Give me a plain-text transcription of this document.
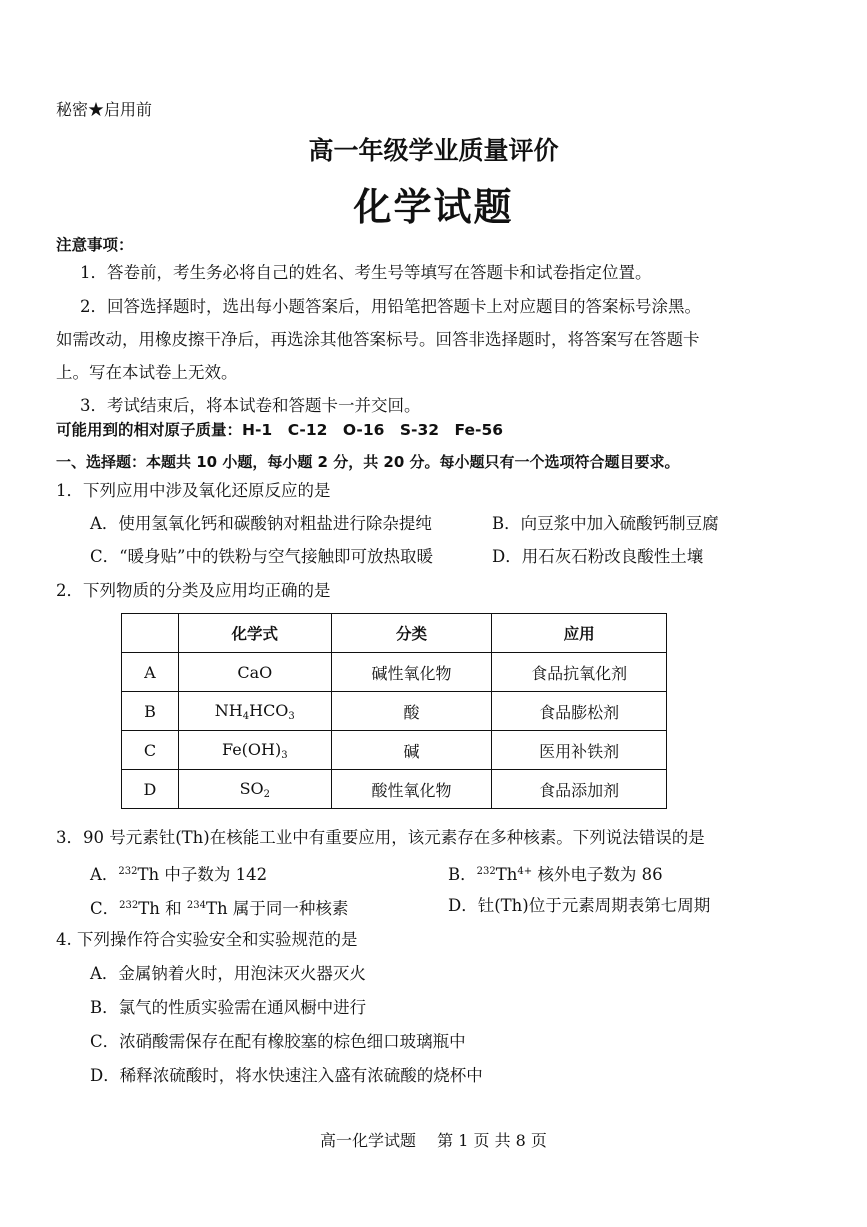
秘密★启用前
高一年级学业质量评价
化学试题
注意事项：
1．答卷前，考生务必将自己的姓名、考生号等填写在答题卡和试卷指定位置。
2．回答选择题时，选出每小题答案后，用铅笔把答题卡上对应题目的答案标号涂黑。
如需改动，用橡皮擦干净后，再选涂其他答案标号。回答非选择题时，将答案写在答题卡
上。写在本试卷上无效。
3．考试结束后，将本试卷和答题卡一并交回。
可能用到的相对原子质量：H-1　C-12　O-16　S-32　Fe-56
一、选择题：本题共 10 小题，每小题 2 分，共 20 分。每小题只有一个选项符合题目要求。
1．下列应用中涉及氧化还原反应的是
A．使用氢氧化钙和碳酸钠对粗盐进行除杂提纯	B．向豆浆中加入硫酸钙制豆腐
C．“暖身贴”中的铁粉与空气接触即可放热取暖	D．用石灰石粉改良酸性土壤
2．下列物质的分类及应用均正确的是
	化学式	分类	应用
A	CaO	碱性氧化物	食品抗氧化剂
B	$NH_4HCO_3$	酸	食品膨松剂
C	$Fe(OH)_3$	碱	医用补铁剂
D	$SO_2$	酸性氧化物	食品添加剂
3．90 号元素钍(Th)在核能工业中有重要应用，该元素存在多种核素。下列说法错误的是
A．$^{232}$Th 中子数为 142	B．$^{232}Th^{4+}$ 核外电子数为 86
C．$^{232}$Th 和 $^{234}$Th 属于同一种核素	D．钍(Th)位于元素周期表第七周期
4. 下列操作符合实验安全和实验规范的是
A．金属钠着火时，用泡沫灭火器灭火
B．氯气的性质实验需在通风橱中进行
C．浓硝酸需保存在配有橡胶塞的棕色细口玻璃瓶中
D．稀释浓硫酸时，将水快速注入盛有浓硫酸的烧杯中
高一化学试题　 第 1 页 共 8 页
